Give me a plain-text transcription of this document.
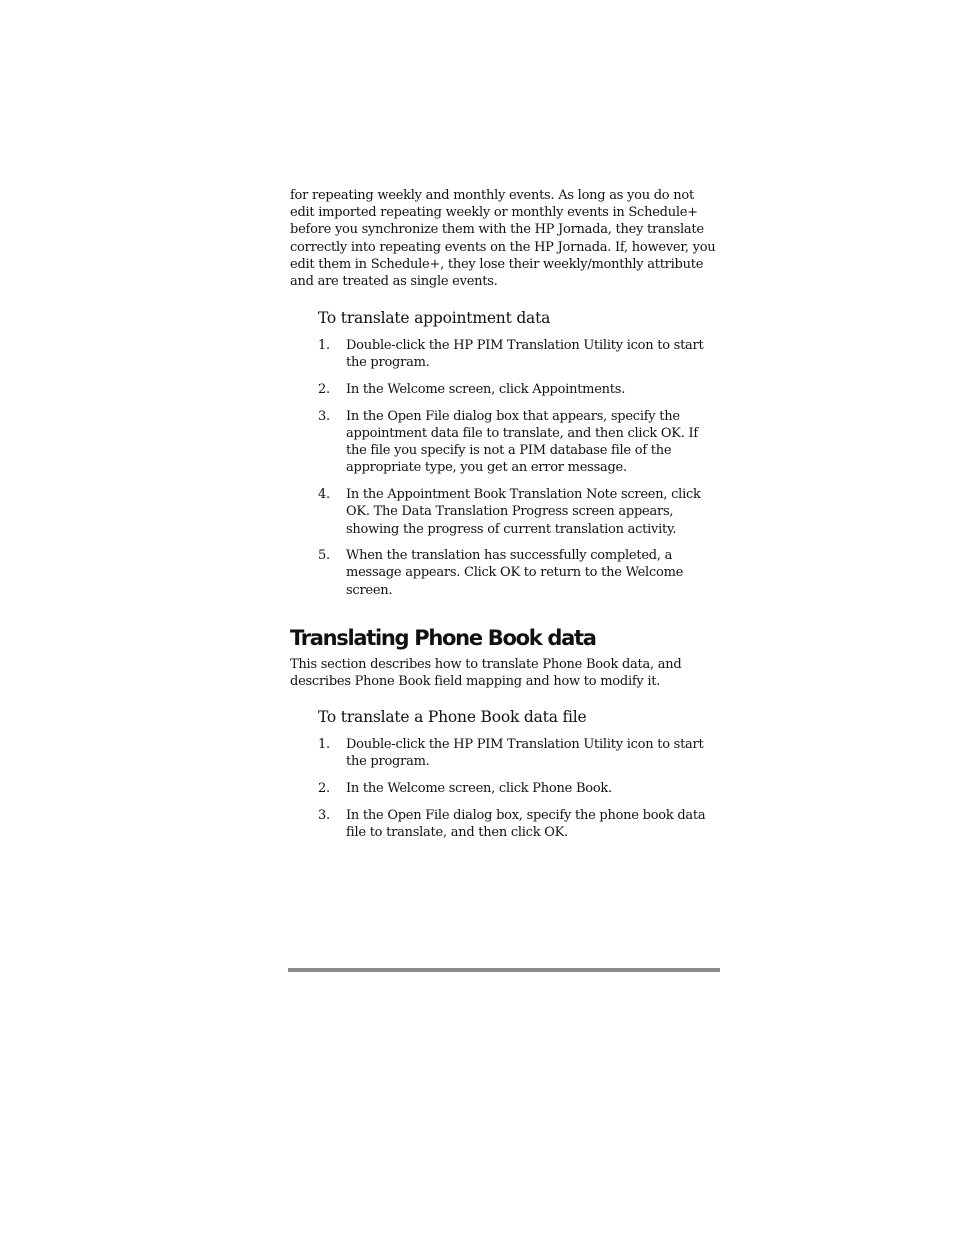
for repeating weekly and monthly events. As long as you do not edit imported repeating weekly or monthly events in Schedule+ before you synchronize them with the HP Jornada, they translate correctly into repeating events on the HP Jornada. If, however, you edit them in Schedule+, they lose their weekly/monthly attribute and are treated as single events.

To translate appointment data

1.	Double-click the HP PIM Translation Utility icon to start the program.
2.	In the Welcome screen, click Appointments.
3.	In the Open File dialog box that appears, specify the appointment data file to translate, and then click OK. If the file you specify is not a PIM database file of the appropriate type, you get an error message.
4.	In the Appointment Book Translation Note screen, click OK. The Data Translation Progress screen appears, showing the progress of current translation activity.
5.	When the translation has successfully completed, a message appears. Click OK to return to the Welcome screen.
Translating Phone Book data

This section describes how to translate Phone Book data, and describes Phone Book field mapping and how to modify it.

To translate a Phone Book data file

1.	Double-click the HP PIM Translation Utility icon to start the program.
2.	In the Welcome screen, click Phone Book.
3.	In the Open File dialog box, specify the phone book data file to translate, and then click OK.
